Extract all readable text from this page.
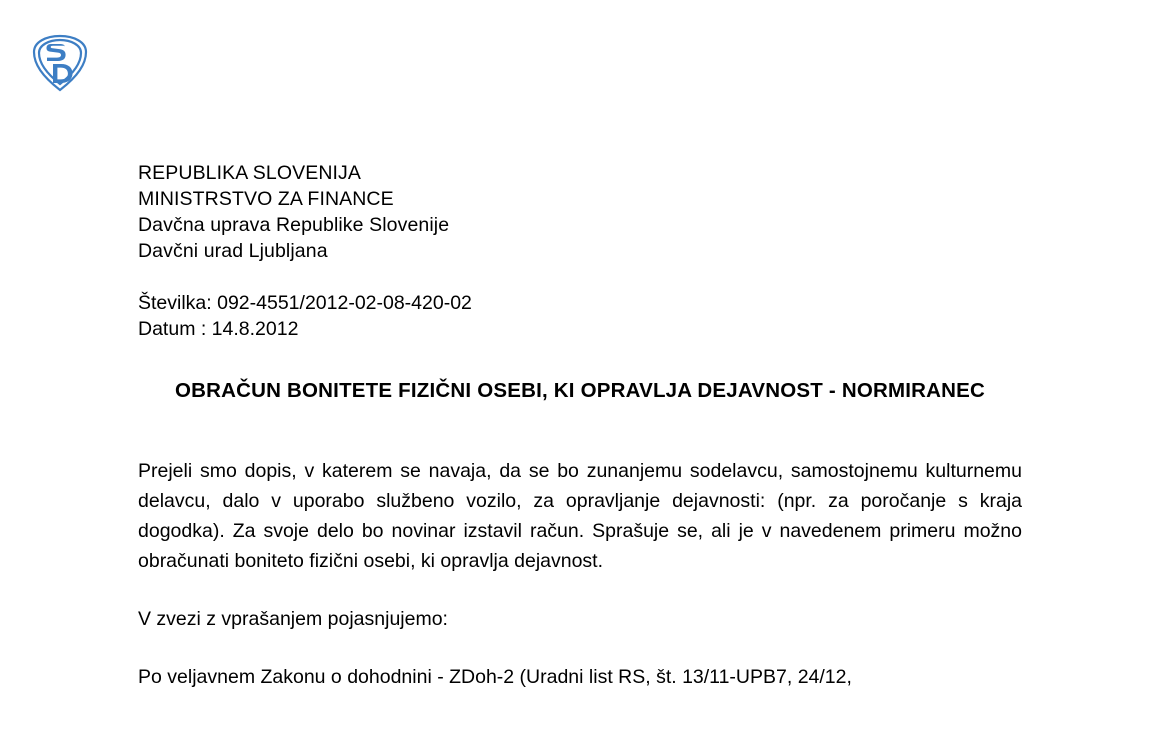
REPUBLIKA SLOVENIJA
MINISTRSTVO ZA FINANCE
Davčna uprava Republike Slovenije
Davčni urad Ljubljana
Številka: 092-4551/2012-02-08-420-02
Datum : 14.8.2012
OBRAČUN BONITETE FIZIČNI OSEBI, KI OPRAVLJA DEJAVNOST - NORMIRANEC
Prejeli smo dopis, v katerem se navaja, da se bo zunanjemu sodelavcu, samostojnemu kulturnemu delavcu, dalo v uporabo službeno vozilo, za opravljanje dejavnosti: (npr. za poročanje s kraja dogodka). Za svoje delo bo novinar izstavil račun. Sprašuje se, ali je v navedenem primeru možno obračunati boniteto fizični osebi, ki opravlja dejavnost.
V zvezi z vprašanjem pojasnjujemo:
Po veljavnem Zakonu o dohodnini - ZDoh-2 (Uradni list RS, št. 13/11-UPB7, 24/12,
